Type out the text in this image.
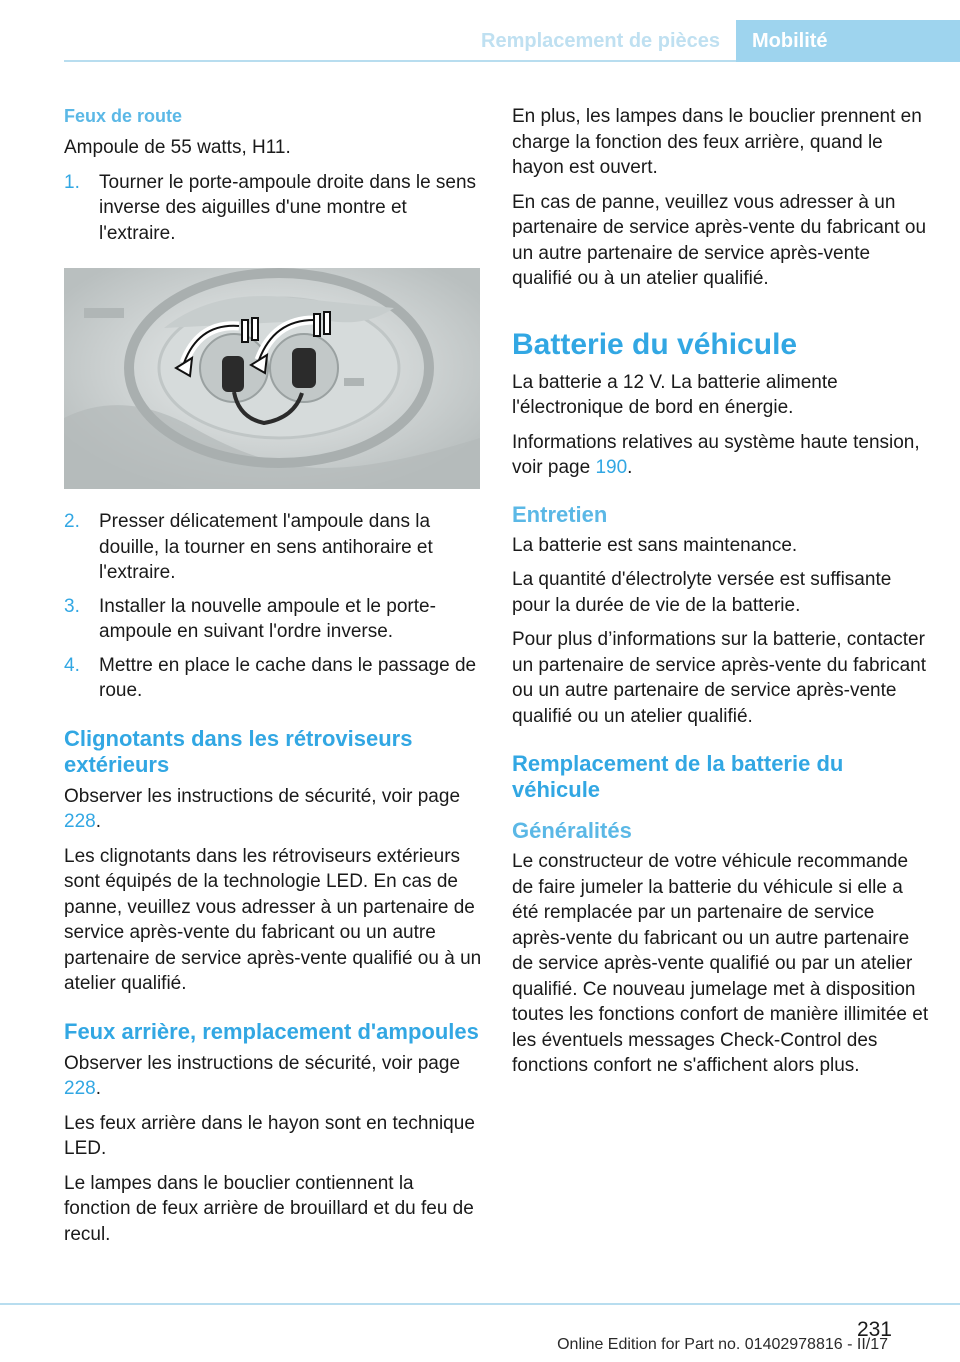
Remplacement de pièces	Mobilité
Feux de route

Ampoule de 55 watts, H11.

1. Tourner le porte-ampoule droite dans le sens inverse des aiguilles d'une montre et l'extraire.
2. Presser délicatement l'ampoule dans la douille, la tourner en sens antihoraire et l'extraire.
3. Installer la nouvelle ampoule et le porte-ampoule en suivant l'ordre inverse.
4. Mettre en place le cache dans le passage de roue.
Clignotants dans les rétroviseurs extérieurs

Observer les instructions de sécurité, voir page 228.

Les clignotants dans les rétroviseurs extérieurs sont équipés de la technologie LED. En cas de panne, veuillez vous adresser à un partenaire de service après-vente du fabricant ou un autre partenaire de service après-vente qualifié ou à un atelier qualifié.

Feux arrière, remplacement d'ampoules

Observer les instructions de sécurité, voir page 228.

Les feux arrière dans le hayon sont en technique LED.

Le lampes dans le bouclier contiennent la fonction de feux arrière de brouillard et du feu de recul.

En plus, les lampes dans le bouclier prennent en charge la fonction des feux arrière, quand le hayon est ouvert.

En cas de panne, veuillez vous adresser à un partenaire de service après-vente du fabricant ou un autre partenaire de service après-vente qualifié ou à un atelier qualifié.

Batterie du véhicule

La batterie a 12 V. La batterie alimente l'électronique de bord en énergie.

Informations relatives au système haute tension, voir page 190.

Entretien

La batterie est sans maintenance.

La quantité d'électrolyte versée est suffisante pour la durée de vie de la batterie.

Pour plus d’informations sur la batterie, contacter un partenaire de service après-vente du fabricant ou un autre partenaire de service après-vente qualifié ou un atelier qualifié.

Remplacement de la batterie du véhicule
Généralités

Le constructeur de votre véhicule recommande de faire jumeler la batterie du véhicule si elle a été remplacée par un partenaire de service après-vente du fabricant ou un autre partenaire de service après-vente qualifié ou par un atelier qualifié. Ce nouveau jumelage met à disposition toutes les fonctions confort de manière illimitée et les éventuels messages Check-Control des fonctions confort ne s'affichent alors plus.

231
Online Edition for Part no. 01402978816 - II/17
